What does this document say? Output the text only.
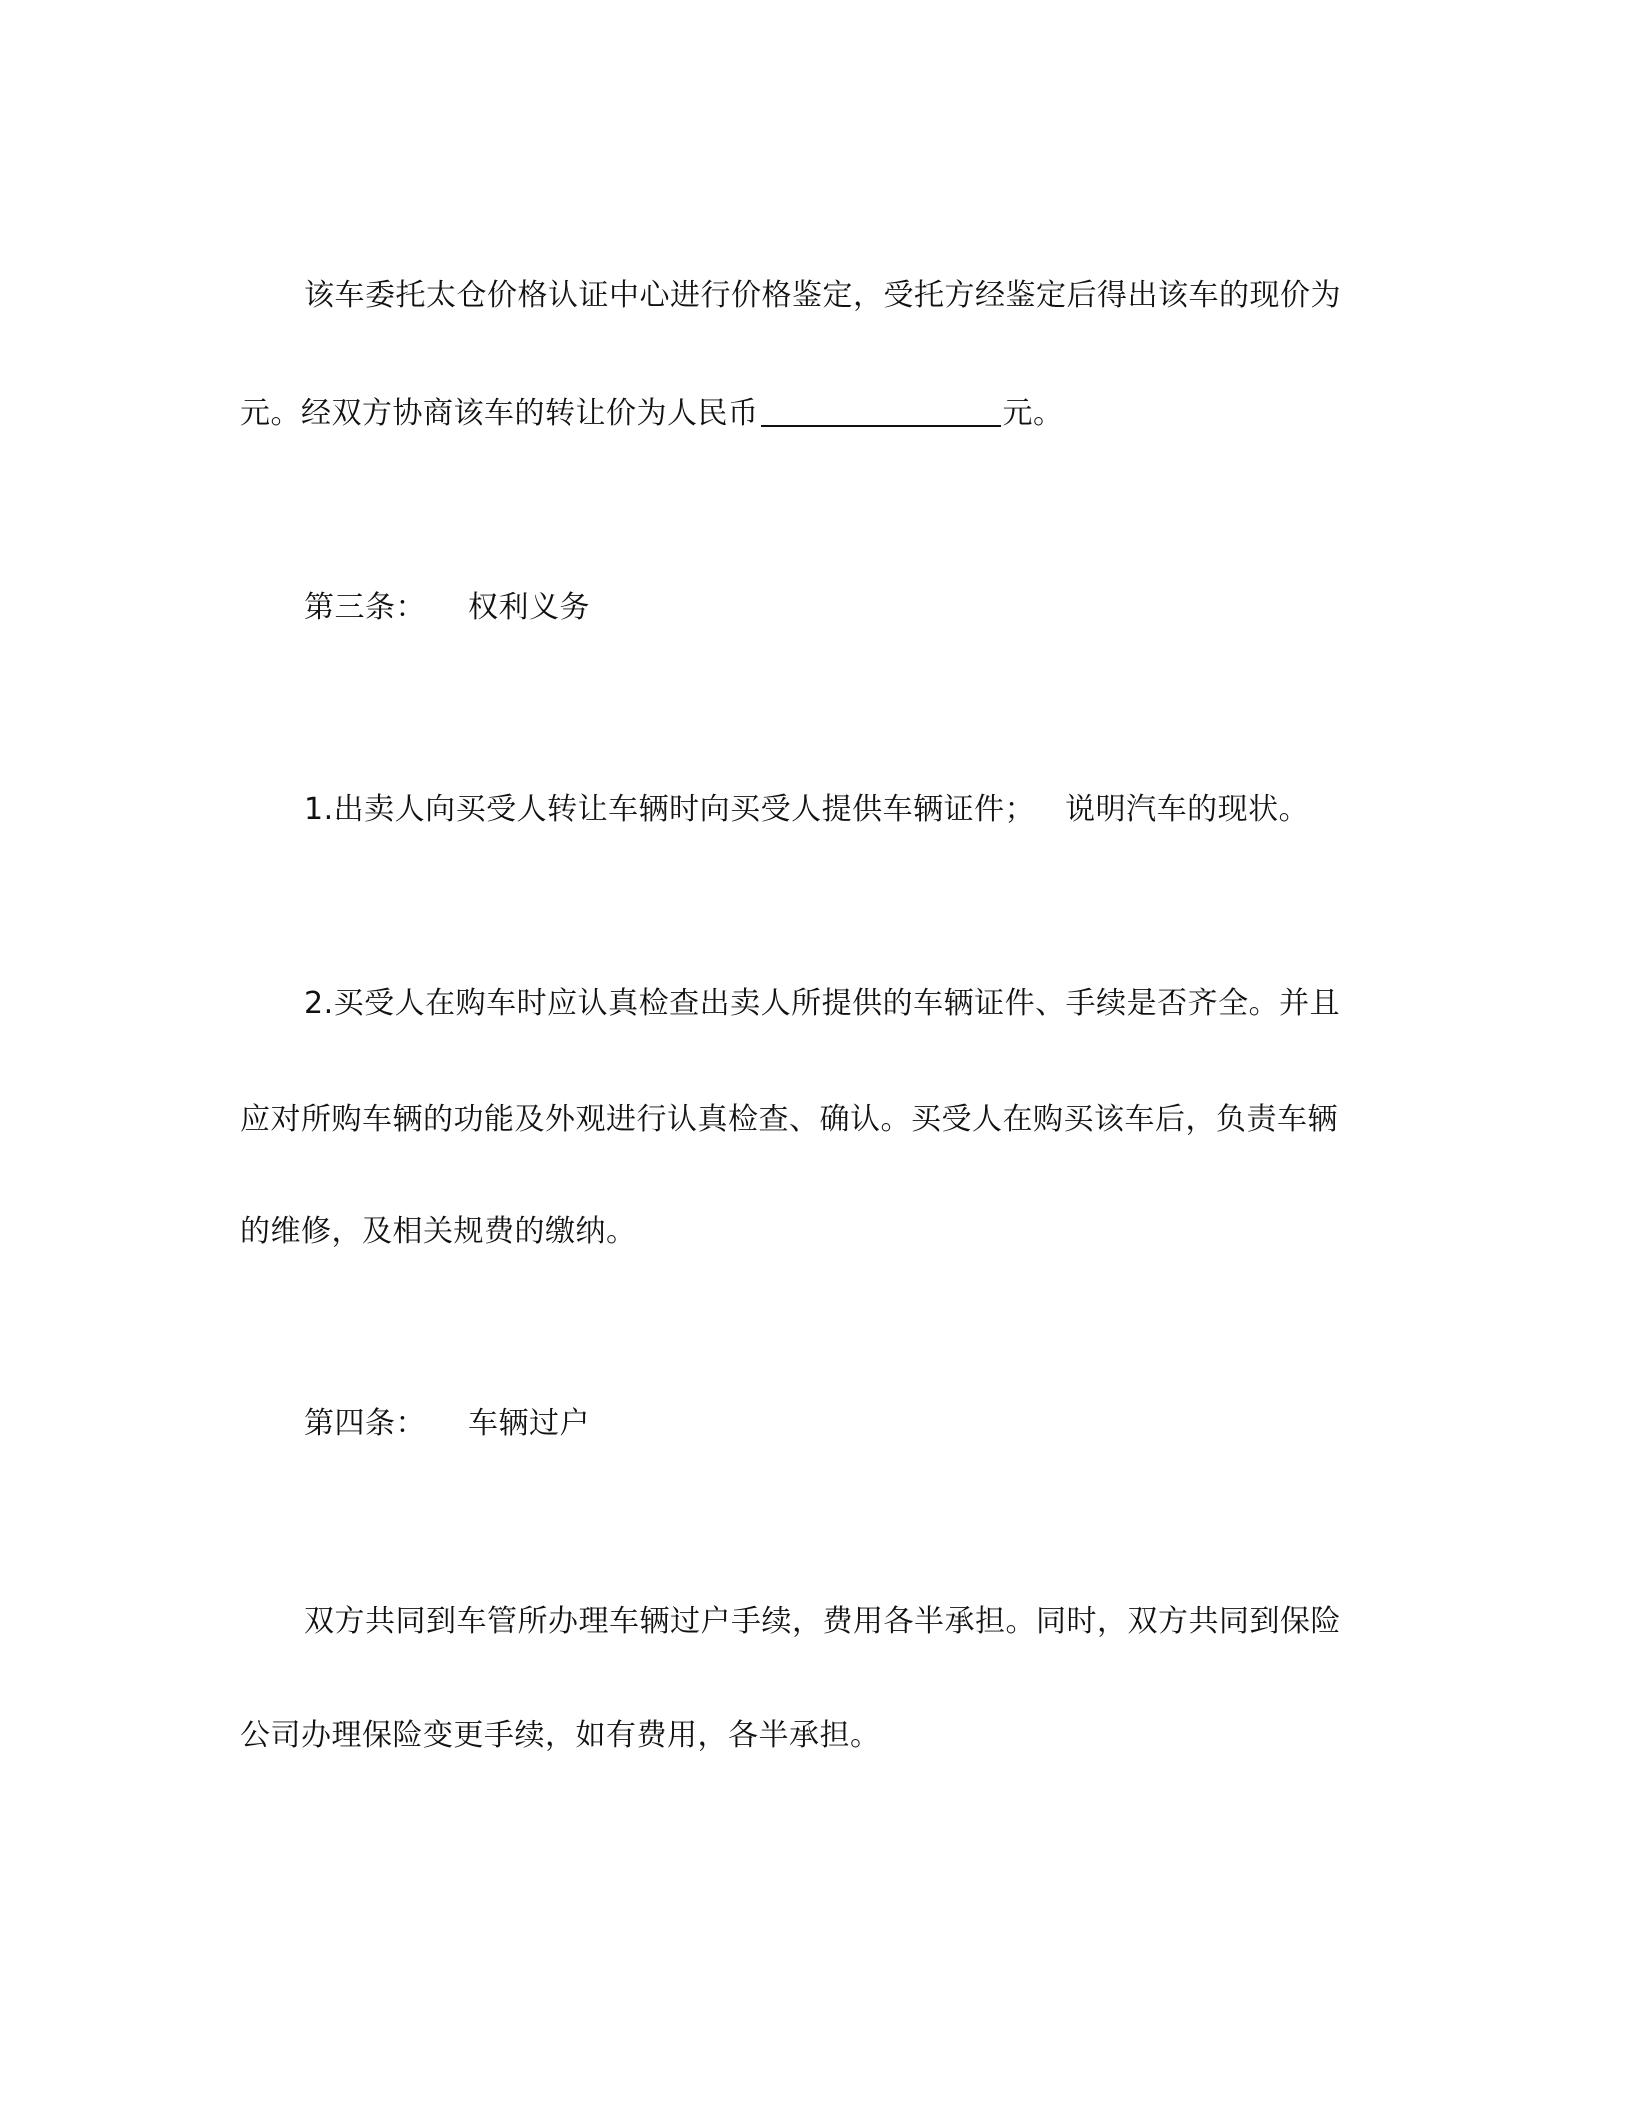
该车委托太仓价格认证中心进行价格鉴定，受托方经鉴定后得出该车的现价为
元。经双方协商该车的转让价为人民币	元。
第三条： 权利义务
1.出卖人向买受人转让车辆时向买受人提供车辆证件； 说明汽车的现状。
2.买受人在购车时应认真检查出卖人所提供的车辆证件、手续是否齐全。并且
应对所购车辆的功能及外观进行认真检查、确认。买受人在购买该车后，负责车辆
的维修，及相关规费的缴纳。
第四条： 车辆过户
双方共同到车管所办理车辆过户手续，费用各半承担。同时，双方共同到保险
公司办理保险变更手续，如有费用，各半承担。
